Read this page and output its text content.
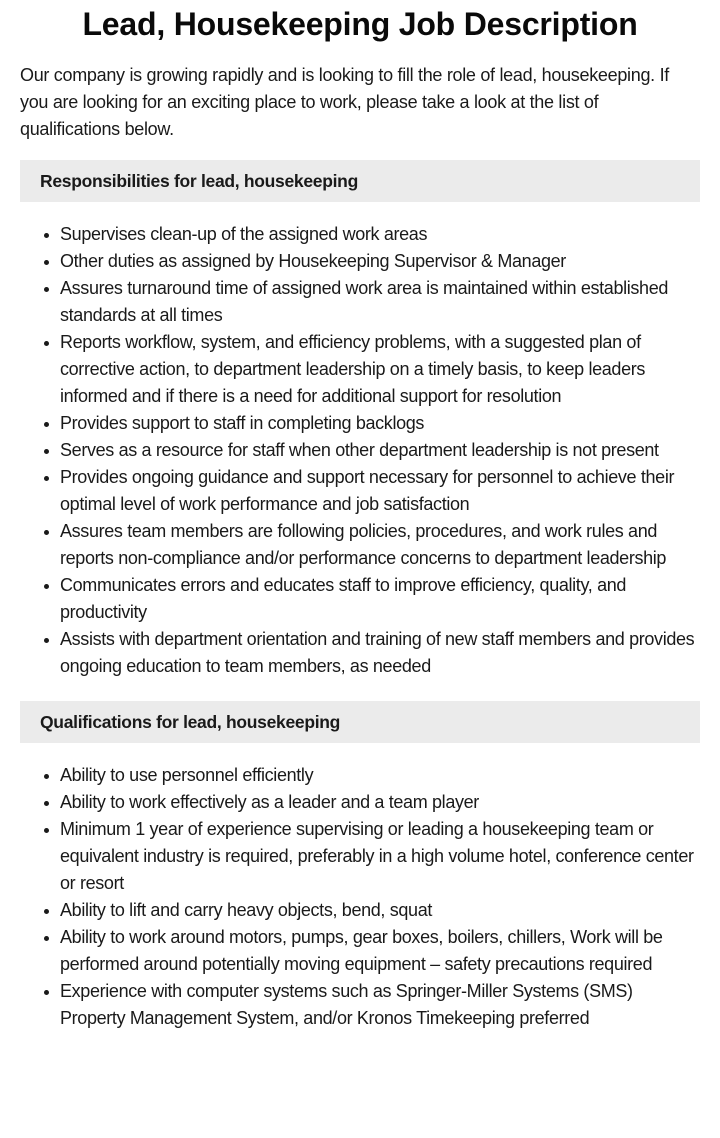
Lead, Housekeeping Job Description

Our company is growing rapidly and is looking to fill the role of lead, housekeeping. If you are looking for an exciting place to work, please take a look at the list of qualifications below.

Responsibilities for lead, housekeeping
Supervises clean-up of the assigned work areas
Other duties as assigned by Housekeeping Supervisor & Manager
Assures turnaround time of assigned work area is maintained within established standards at all times
Reports workflow, system, and efficiency problems, with a suggested plan of corrective action, to department leadership on a timely basis, to keep leaders informed and if there is a need for additional support for resolution
Provides support to staff in completing backlogs
Serves as a resource for staff when other department leadership is not present
Provides ongoing guidance and support necessary for personnel to achieve their optimal level of work performance and job satisfaction
Assures team members are following policies, procedures, and work rules and reports non-compliance and/or performance concerns to department leadership
Communicates errors and educates staff to improve efficiency, quality, and productivity
Assists with department orientation and training of new staff members and provides ongoing education to team members, as needed
Qualifications for lead, housekeeping
Ability to use personnel efficiently
Ability to work effectively as a leader and a team player
Minimum 1 year of experience supervising or leading a housekeeping team or equivalent industry is required, preferably in a high volume hotel, conference center or resort
Ability to lift and carry heavy objects, bend, squat
Ability to work around motors, pumps, gear boxes, boilers, chillers, Work will be performed around potentially moving equipment – safety precautions required
Experience with computer systems such as Springer-Miller Systems (SMS) Property Management System, and/or Kronos Timekeeping preferred
